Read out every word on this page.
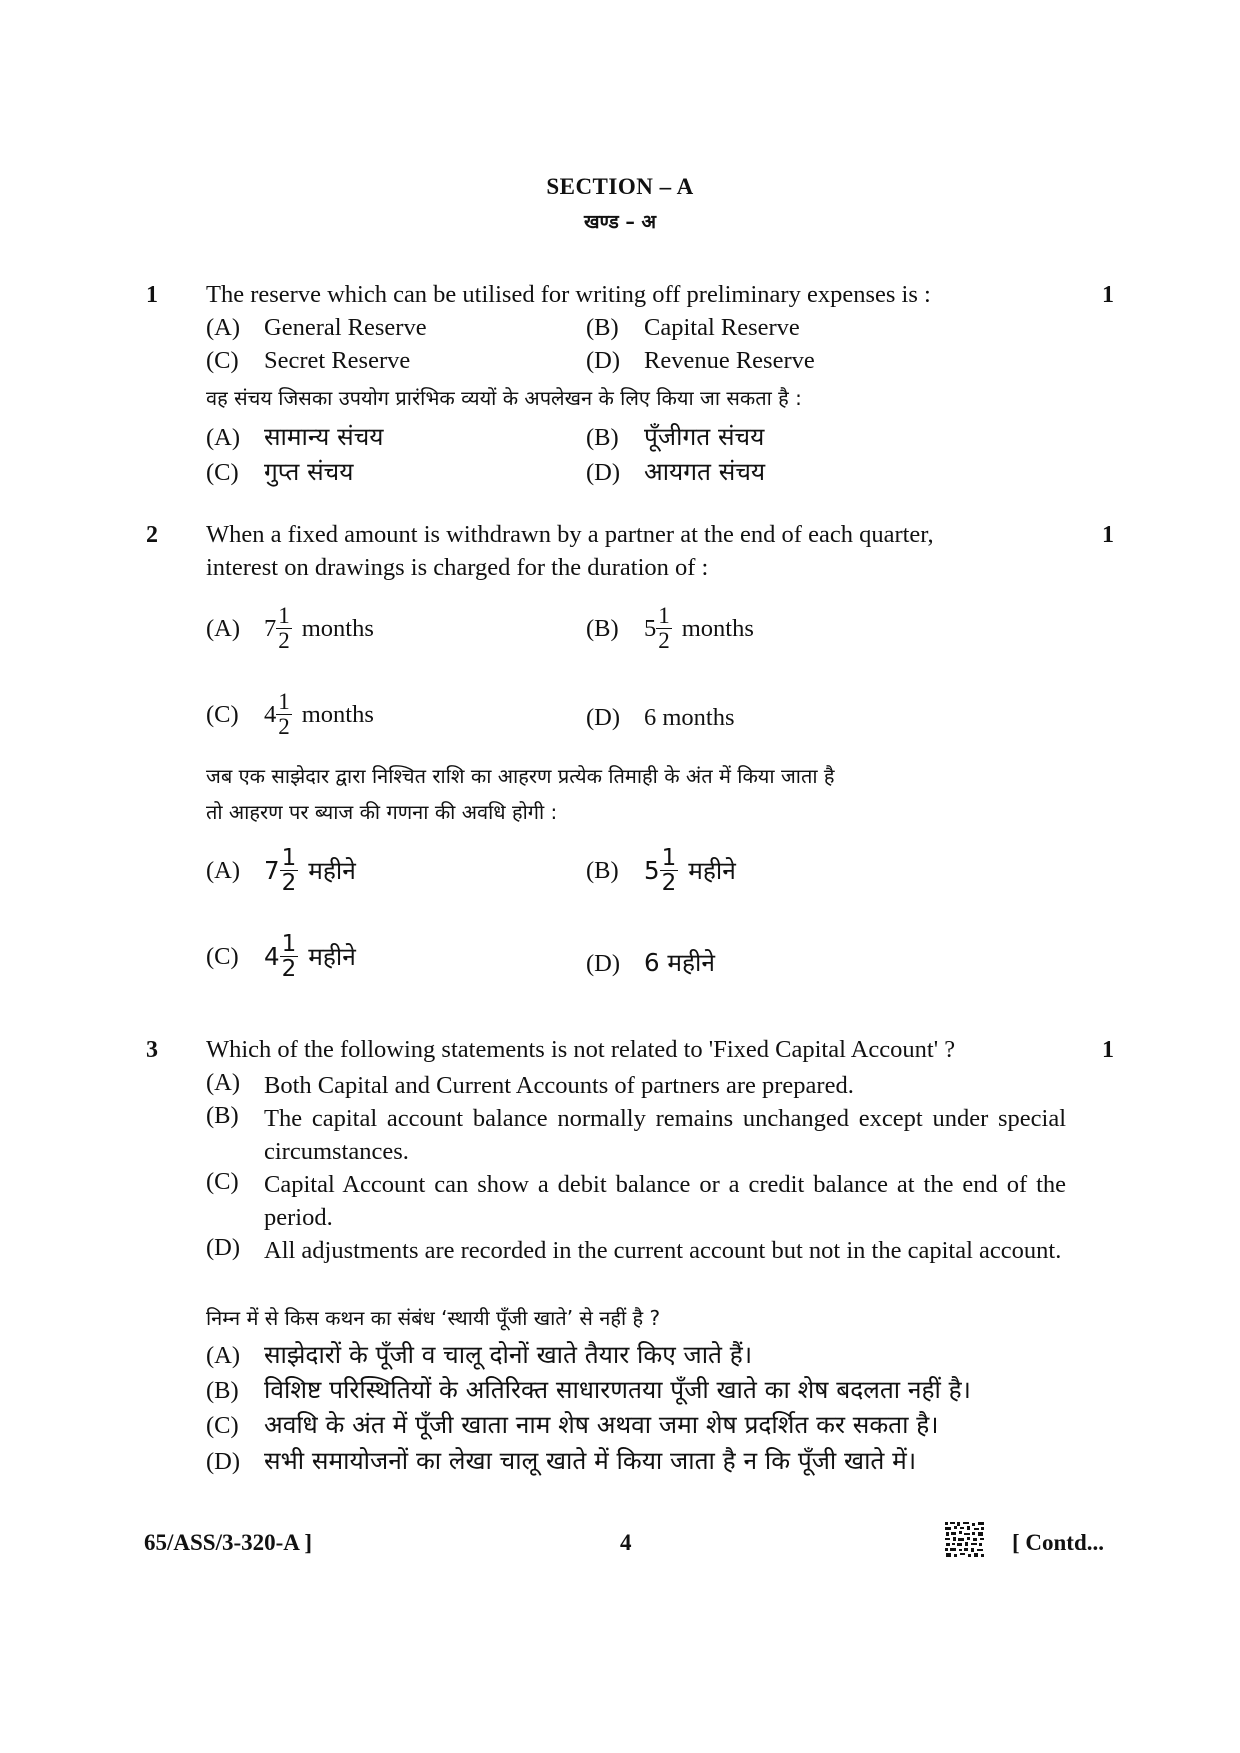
SECTION – A
खण्ड – अ
1	1
The reserve which can be utilised for writing off preliminary expenses is :
(A) General Reserve	(B) Capital Reserve
(C) Secret Reserve	(D) Revenue Reserve
वह संचय जिसका उपयोग प्रारंभिक व्ययों के अपलेखन के लिए किया जा सकता है :
(A) सामान्य संचय	(B) पूँजीगत संचय
(C) गुप्त संचय	(D) आयगत संचय
2	1
When a fixed amount is withdrawn by a partner at the end of each quarter,
interest on drawings is charged for the duration of :
(A) $7 \frac{1}{2}$ months	(B) $5 \frac{1}{2}$ months
(C) $4 \frac{1}{2}$ months	(D) 6 months
जब एक साझेदार द्वारा निश्चित राशि का आहरण प्रत्येक तिमाही के अंत में किया जाता है
तो आहरण पर ब्याज की गणना की अवधि होगी :
(A) $7 \frac{1}{2}$ महीने	(B) $5 \frac{1}{2}$ महीने
(C) $4 \frac{1}{2}$ महीने	(D) 6 महीने
3	1
Which of the following statements is not related to 'Fixed Capital Account' ?
(A) Both Capital and Current Accounts of partners are prepared.
(B)	The capital account balance normally remains unchanged except under special circumstances.
(C)	Capital Account can show a debit balance or a credit balance at the end of the period.
(D) All adjustments are recorded in the current account but not in the capital account.
निम्न में से किस कथन का संबंध ‘स्थायी पूँजी खाते’ से नहीं है ?
(A) साझेदारों के पूँजी व चालू दोनों खाते तैयार किए जाते हैं।
(B) विशिष्ट परिस्थितियों के अतिरिक्त साधारणतया पूँजी खाते का शेष बदलता नहीं है।
(C) अवधि के अंत में पूँजी खाता नाम शेष अथवा जमा शेष प्रदर्शित कर सकता है।
(D) सभी समायोजनों का लेखा चालू खाते में किया जाता है न कि पूँजी खाते में।
65/ASS/3-320-A ]	4	[ Contd...
